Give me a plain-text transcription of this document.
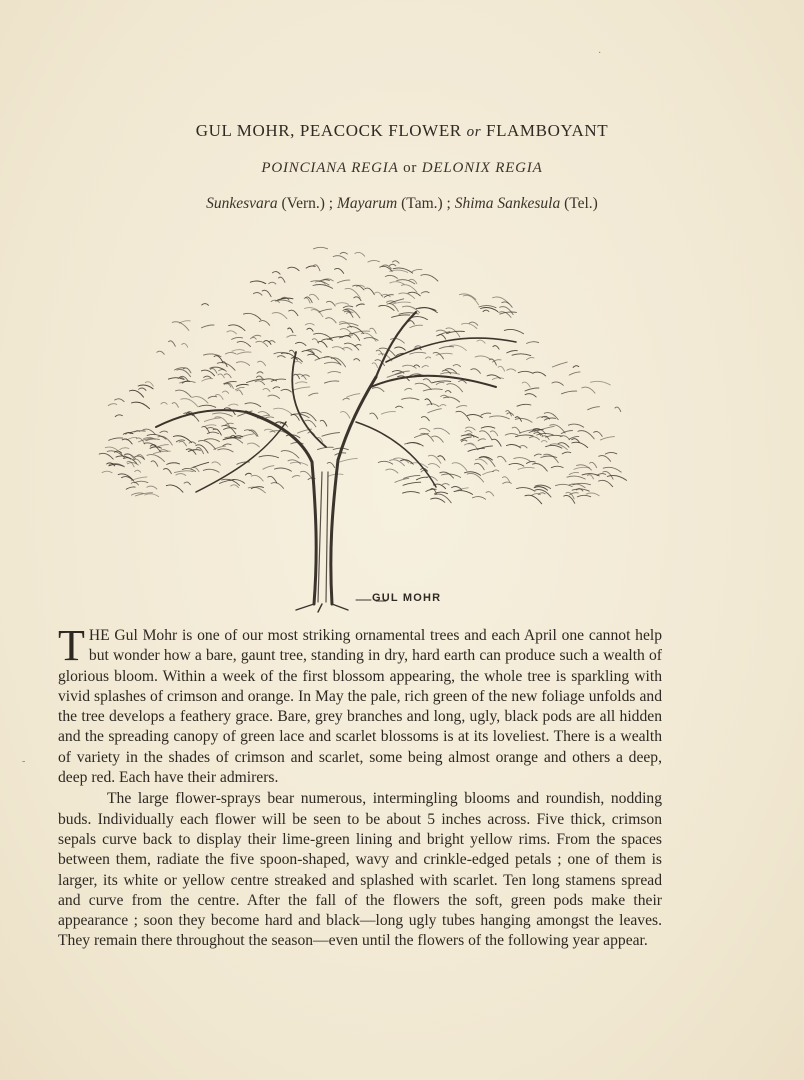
GUL MOHR, PEACOCK FLOWER or FLAMBOYANT
POINCIANA REGIA or DELONIX REGIA
Sunkesvara (Vern.) ; Mayarum (Tam.) ; Shima Sankesula (Tel.)
GUL MOHR

THE Gul Mohr is one of our most striking ornamental trees and each April one cannot help but wonder how a bare, gaunt tree, standing in dry, hard earth can produce such a wealth of glorious bloom. Within a week of the first blossom appearing, the whole tree is sparkling with vivid splashes of crimson and orange. In May the pale, rich green of the new foliage unfolds and the tree develops a feathery grace. Bare, grey branches and long, ugly, black pods are all hidden and the spreading canopy of green lace and scarlet blossoms is at its loveliest. There is a wealth of variety in the shades of crimson and scarlet, some being almost orange and others a deep, deep red. Each have their admirers.

The large flower-sprays bear numerous, intermingling blooms and roundish, nodding buds. Individually each flower will be seen to be about 5 inches across. Five thick, crimson sepals curve back to display their lime-green lining and bright yellow rims. From the spaces between them, radiate the five spoon-shaped, wavy and crinkle-edged petals ; one of them is larger, its white or yellow centre streaked and splashed with scarlet. Ten long stamens spread and curve from the centre. After the fall of the flowers the soft, green pods make their appearance ; soon they become hard and black—long ugly tubes hanging amongst the leaves. They remain there throughout the season—even until the flowers of the following year appear.

·
-
